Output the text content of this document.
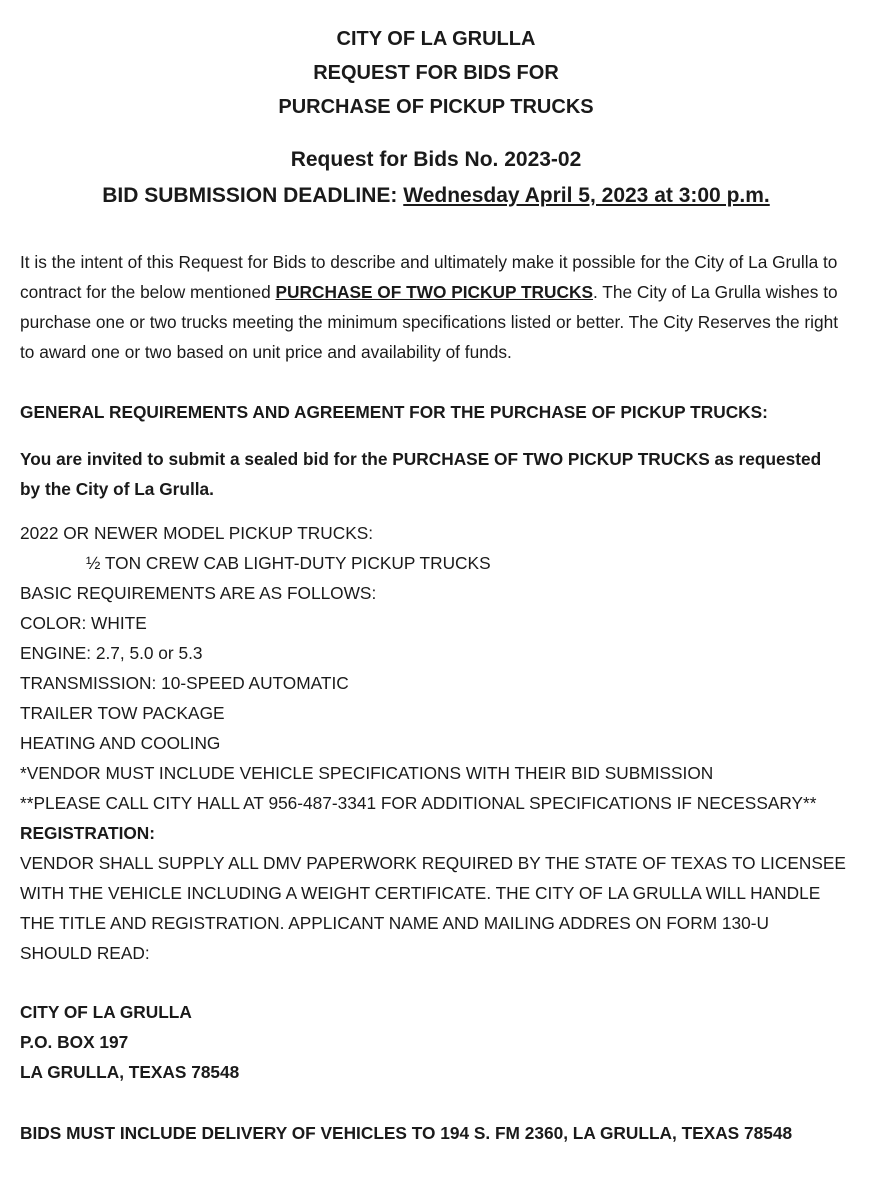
CITY OF LA GRULLA
REQUEST FOR BIDS FOR
PURCHASE OF PICKUP TRUCKS
Request for Bids No. 2023-02
BID SUBMISSION DEADLINE: Wednesday April 5, 2023 at 3:00 p.m.
It is the intent of this Request for Bids to describe and ultimately make it possible for the City of La Grulla to contract for the below mentioned PURCHASE OF TWO PICKUP TRUCKS. The City of La Grulla wishes to purchase one or two trucks meeting the minimum specifications listed or better. The City Reserves the right to award one or two based on unit price and availability of funds.
GENERAL REQUIREMENTS AND AGREEMENT FOR THE PURCHASE OF PICKUP TRUCKS:
You are invited to submit a sealed bid for the PURCHASE OF TWO PICKUP TRUCKS as requested by the City of La Grulla.
2022 OR NEWER MODEL PICKUP TRUCKS:
½ TON CREW CAB LIGHT-DUTY PICKUP TRUCKS
BASIC REQUIREMENTS ARE AS FOLLOWS:
COLOR: WHITE
ENGINE: 2.7, 5.0 or 5.3
TRANSMISSION: 10-SPEED AUTOMATIC
TRAILER TOW PACKAGE
HEATING AND COOLING
*VENDOR MUST INCLUDE VEHICLE SPECIFICATIONS WITH THEIR BID SUBMISSION
**PLEASE CALL CITY HALL AT 956-487-3341 FOR ADDITIONAL SPECIFICATIONS IF NECESSARY**
REGISTRATION:
VENDOR SHALL SUPPLY ALL DMV PAPERWORK REQUIRED BY THE STATE OF TEXAS TO LICENSEE
WITH THE VEHICLE INCLUDING A WEIGHT CERTIFICATE. THE CITY OF LA GRULLA WILL HANDLE
THE TITLE AND REGISTRATION. APPLICANT NAME AND MAILING ADDRES ON FORM 130-U
SHOULD READ:
CITY OF LA GRULLA
P.O. BOX 197
LA GRULLA, TEXAS 78548
BIDS MUST INCLUDE DELIVERY OF VEHICLES TO 194 S. FM 2360, LA GRULLA, TEXAS 78548
